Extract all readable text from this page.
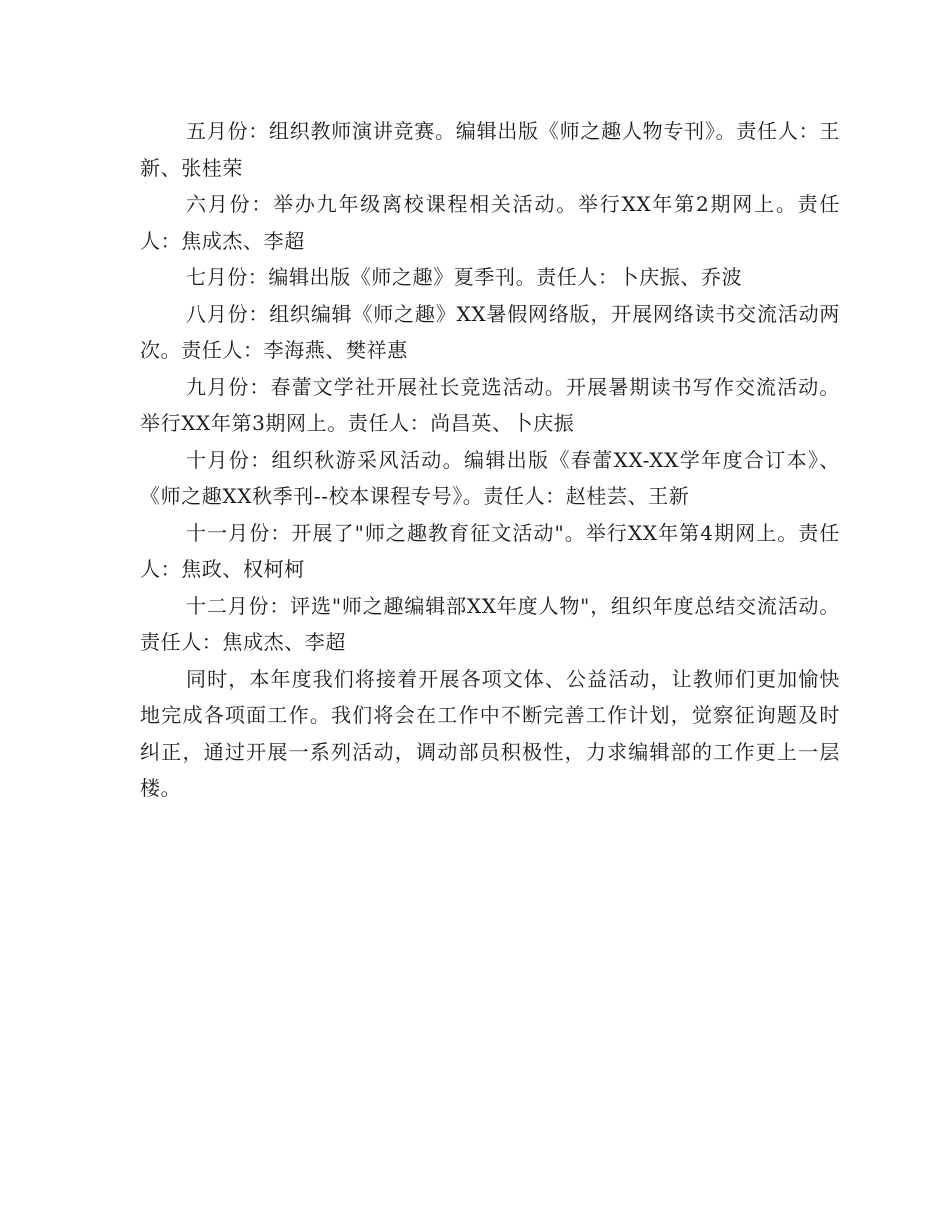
五月份：组织教师演讲竞赛。编辑出版《师之趣人物专刊》。责任人：王新、张桂荣

六月份：举办九年级离校课程相关活动。举行XX年第2期网上。责任人：焦成杰、李超

七月份：编辑出版《师之趣》夏季刊。责任人：卜庆振、乔波

八月份：组织编辑《师之趣》XX暑假网络版，开展网络读书交流活动两次。责任人：李海燕、樊祥惠

九月份：春蕾文学社开展社长竞选活动。开展暑期读书写作交流活动。举行XX年第3期网上。责任人：尚昌英、卜庆振

十月份：组织秋游采风活动。编辑出版《春蕾XX-XX学年度合订本》、《师之趣XX秋季刊--校本课程专号》。责任人：赵桂芸、王新

十一月份：开展了"师之趣教育征文活动"。举行XX年第4期网上。责任人：焦政、权柯柯

十二月份：评选"师之趣编辑部XX年度人物"，组织年度总结交流活动。责任人：焦成杰、李超

同时，本年度我们将接着开展各项文体、公益活动，让教师们更加愉快地完成各项面工作。我们将会在工作中不断完善工作计划，觉察征询题及时纠正，通过开展一系列活动，调动部员积极性，力求编辑部的工作更上一层楼。
